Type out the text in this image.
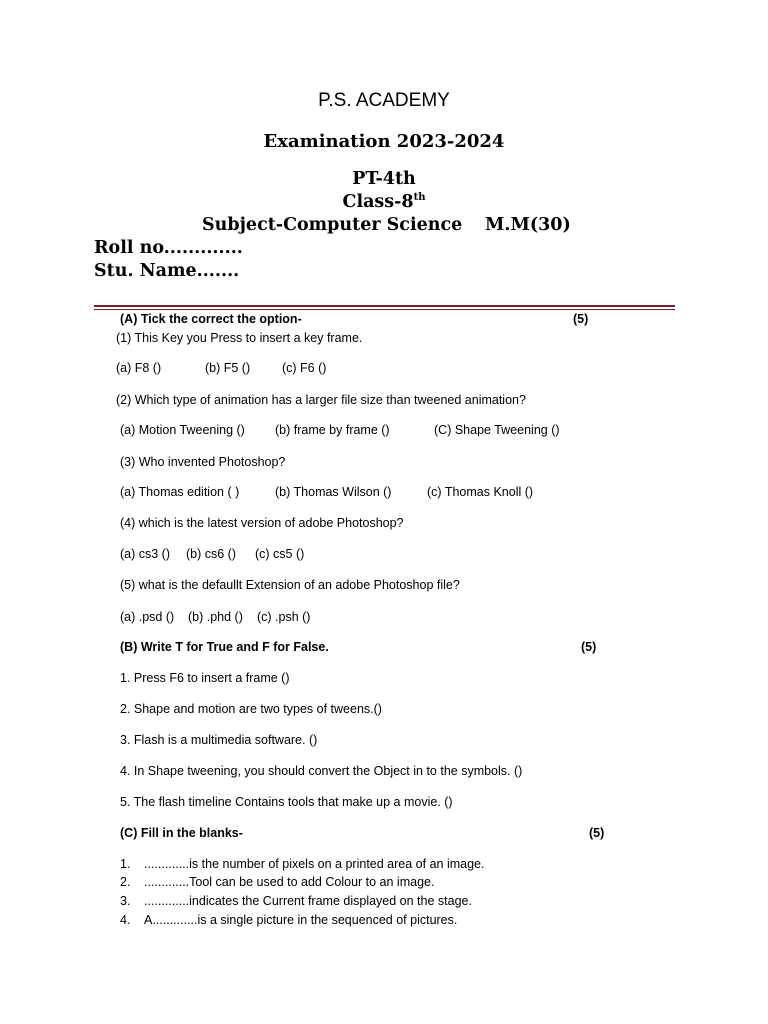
P.S. ACADEMY
Examination 2023-2024
PT-4th
Class-8th
Subject-Computer Science M.M(30)
Roll no.............
Stu. Name.......
(A) Tick the correct the option-	(5)
(1) This Key you Press to insert a key frame.
(a) F8 ()	(b) F5 ()	(c) F6 ()
(2) Which type of animation has a larger file size than tweened animation?
(a) Motion Tweening () (b) frame by frame ()	(C) Shape Tweening ()
(3) Who invented Photoshop?
(a) Thomas edition ( )	(b) Thomas Wilson ()	(c) Thomas Knoll ()
(4) which is the latest version of adobe Photoshop?
(a) cs3 () (b) cs6 () (c) cs5 ()
(5) what is the defaullt Extension of an adobe Photoshop file?
(a) .psd () (b) .phd () (c) .psh ()
(B) Write T for True and F for False.	(5)
1. Press F6 to insert a frame ()
2. Shape and motion are two types of tweens.()
3. Flash is a multimedia software. ()
4. In Shape tweening, you should convert the Object in to the symbols. ()
5. The flash timeline Contains tools that make up a movie. ()
(C) Fill in the blanks-	(5)
1. .............is the number of pixels on a printed area of an image.
2. .............Tool can be used to add Colour to an image.
3. .............indicates the Current frame displayed on the stage.
4. A.............is a single picture in the sequenced of pictures.
